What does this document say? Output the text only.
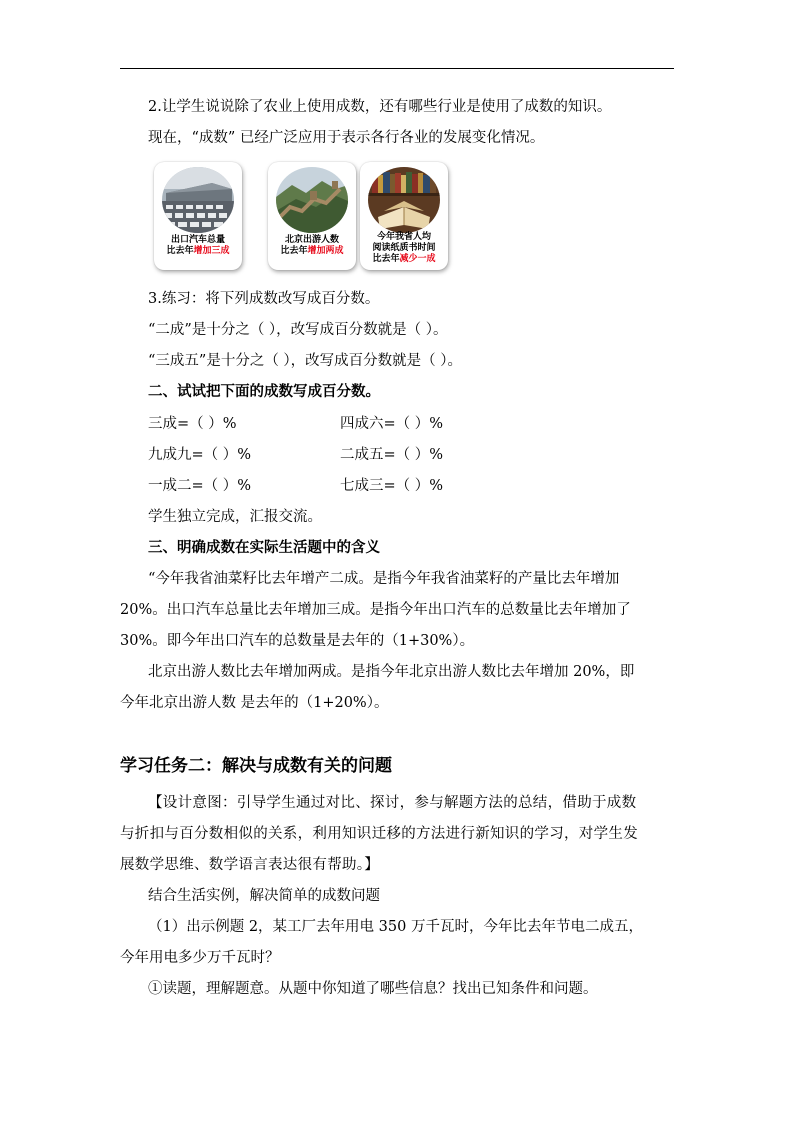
2.让学生说说除了农业上使用成数，还有哪些行业是使用了成数的知识。
现在，“成数” 已经广泛应用于表示各行各业的发展变化情况。
出口汽车总量
比去年增加三成
北京出游人数
比去年增加两成
今年我省人均
阅读纸质书时间
比去年减少一成
3.练习：将下列成数改写成百分数。
“二成”是十分之（ ），改写成百分数就是（ ）。
“三成五”是十分之（ ），改写成百分数就是（ ）。
二、试试把下面的成数写成百分数。
三成=（ ）%	四成六=（ ）%
九成九=（ ）%	二成五=（ ）%
一成二=（ ）%	七成三=（ ）%
学生独立完成，汇报交流。
三、明确成数在实际生活题中的含义
“今年我省油菜籽比去年增产二成。是指今年我省油菜籽的产量比去年增加
20%。出口汽车总量比去年增加三成。是指今年出口汽车的总数量比去年增加了
30%。即今年出口汽车的总数量是去年的（1+30%）。
北京出游人数比去年增加两成。是指今年北京出游人数比去年增加 20%，即
今年北京出游人数 是去年的（1+20%）。
学习任务二：解决与成数有关的问题
【设计意图：引导学生通过对比、探讨，参与解题方法的总结，借助于成数
与折扣与百分数相似的关系，利用知识迁移的方法进行新知识的学习，对学生发
展数学思维、数学语言表达很有帮助。】
结合生活实例，解决简单的成数问题
（1）出示例题 2，某工厂去年用电 350 万千瓦时，今年比去年节电二成五，
今年用电多少万千瓦时？
①读题，理解题意。从题中你知道了哪些信息？找出已知条件和问题。
